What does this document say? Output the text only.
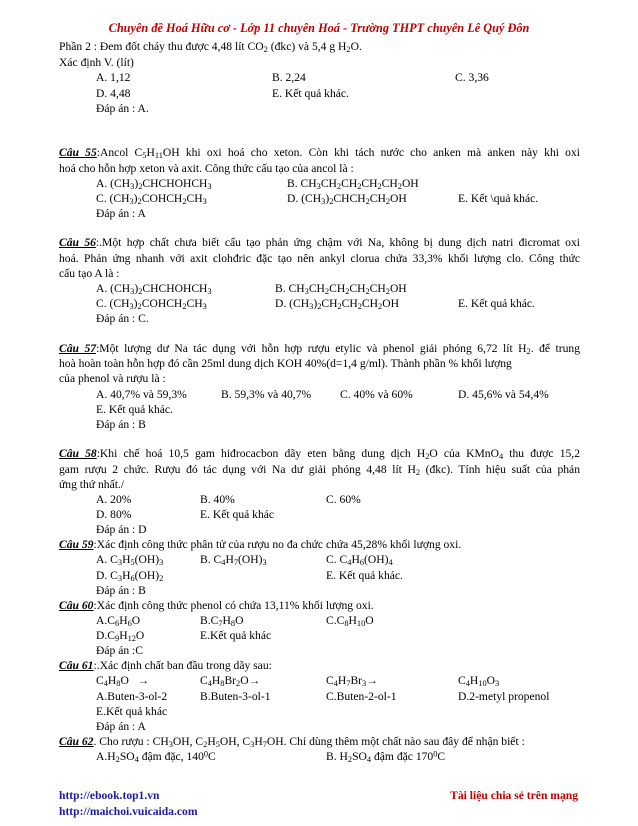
Chuyên đề Hoá Hữu cơ - Lớp 11 chuyên Hoá - Trường THPT chuyên Lê Quý Đôn
Phần 2 : Đem đốt cháy thu được 4,48 lít $CO_2$ (đkc) và 5,4 g $H_2O$.
Xác định V. (lít)
A. 1,12	B. 2,24	C. 3,36
D. 4,48	E. Kết quả khác.
Đáp án : A.
Câu 55:Ancol $C_5H_{11}OH$ khi oxi hoá cho xeton. Còn khi tách nước cho anken mà anken này khi oxi
hoá cho hỗn hợp xeton và axit. Công thức cấu tạo của ancol là :
A. $(CH_3)_2CHCHOHCH_3$	B. $CH_3CH_2CH_2CH_2CH_2OH$
C. $(CH_3)_2COHCH_2CH_3$	D. $(CH_3)_2CHCH_2CH_2OH$	E. Kết \quả khác.
Đáp án : A
Câu 56:.Một hợp chất chưa biết cấu tạo phản ứng chậm với Na, không bị dung dịch natri đicromat oxi
hoá. Phản ứng nhanh với axit clohđric đặc tạo nên ankyl clorua chứa 33,3% khối lượng clo. Công thức
cấu tạo A là :
A. $(CH_3)_2CHCHOHCH_3$	B. $CH_3CH_2CH_2CH_2CH_2OH$
C. $(CH_3)_2COHCH_2CH_3$	D. $(CH_3)_2CH_2CH_2CH_2OH$	E. Kết quả khác.
Đáp án : C.
Câu 57:Một lượng dư Na tác dụng với hỗn hợp rượu etylic và phenol giải phóng 6,72 lít $H_2$. để trung
hoà hoàn toàn hỗn hợp đó cần 25ml dung dịch KOH 40%(d=1,4 g/ml). Thành phần % khối lượng
của phenol và rượu là :
A. 40,7% và 59,3%	B. 59,3% và 40,7% C. 40% và 60%	D. 45,6% và 54,4%
E. Kết quả khác.
Đáp án : B
Câu 58:Khi chế hoá 10,5 gam hiđrocacbon dãy eten bằng dung dịch $H_2O$ của KMnO$_4$ thu được 15,2
gam rượu 2 chức. Rượu đó tác dụng với Na dư giải phóng 4,48 lít $H_2$ (đkc). Tính hiệu suất của phản
ứng thứ nhất./
A. 20%	B. 40%	C. 60%
D. 80%	E. Kết quả khác
Đáp án : D
Câu 59:Xác định công thức phân tử của rượu no đa chức chứa 45,28% khối lượng oxi.
A. $C_3H_5(OH)_3$	B. $C_4H_7(OH)_3$	C. $C_4H_6(OH)_4$
D. $C_3H_6(OH)_2$	E. Kết quả khác.
Đáp án : B
Câu 60:Xác định công thức phenol có chứa 13,11% khối lượng oxi.
$A.C_6H_6O$	$B.C_7H_8O$	$C.C_8H_{10}O$
$D.C_9H_{12}O$	E.Kết quả khác
Đáp án :C
Câu 61:.Xác định chất ban đầu trong dãy sau:
$C_4H_8O$   →	$C_4H_8Br_2O\to$	$C_4H_7Br_3\to$	$C_4H_{10}O_3$
A.Buten-3-ol-2	B.Buten-3-ol-1	C.Buten-2-ol-1	D.2-metyl propenol
E.Kết quả khác
Đáp án : A
Câu 62. Cho rượu : $CH_3OH$, $C_2H_5OH$, $C_3H_7OH$. Chỉ dùng thêm một chất nào sau đây để nhận biết :
$A.H_2SO_4$ đậm đặc, $140^0C$	B. $H_2SO_4$ đậm đặc $170^0C$
http://ebook.top1.vn
http://maichoi.vuicaida.com
Tài liệu chia sẻ trên mạng
